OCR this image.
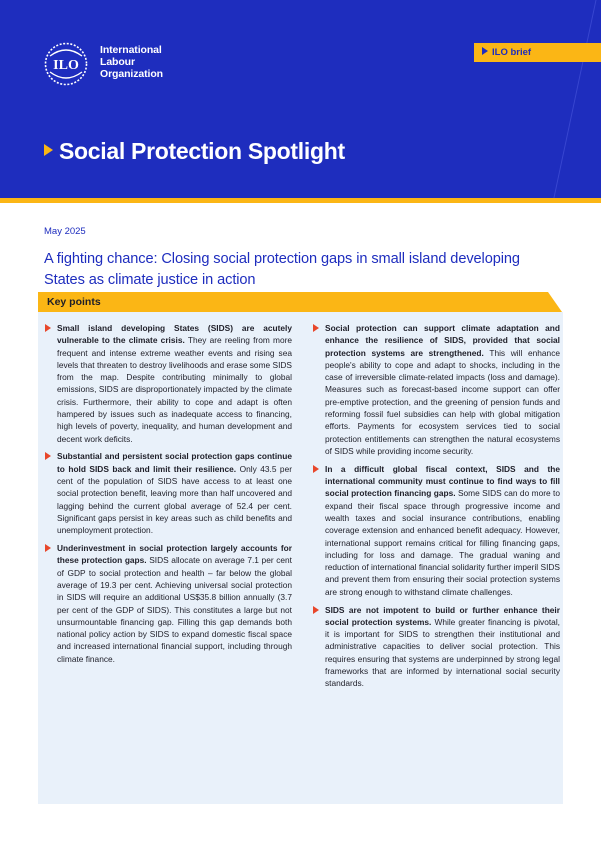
ILO
International
Labour
Organization
ILO brief
Social Protection Spotlight
May 2025
A fighting chance: Closing social protection gaps in small island developing States as climate justice in action
Key points
Small island developing States (SIDS) are acutely vulnerable to the climate crisis. They are reeling from more frequent and intense extreme weather events and rising sea levels that threaten to destroy livelihoods and erase some SIDS from the map. Despite contributing minimally to global emissions, SIDS are disproportionately impacted by the climate crisis. Furthermore, their ability to cope and adapt is often hampered by issues such as inadequate access to financing, high levels of poverty, inequality, and human development and decent work deficits.
Substantial and persistent social protection gaps continue to hold SIDS back and limit their resilience. Only 43.5 per cent of the population of SIDS have access to at least one social protection benefit, leaving more than half uncovered and lagging behind the current global average of 52.4 per cent. Significant gaps persist in key areas such as child benefits and unemployment protection.
Underinvestment in social protection largely accounts for these protection gaps. SIDS allocate on average 7.1 per cent of GDP to social protection and health – far below the global average of 19.3 per cent. Achieving universal social protection in SIDS will require an additional US$35.8 billion annually (3.7 per cent of the GDP of SIDS). This constitutes a large but not unsurmountable financing gap. Filling this gap demands both national policy action by SIDS to expand domestic fiscal space and increased international financial support, including through climate finance.
Social protection can support climate adaptation and enhance the resilience of SIDS, provided that social protection systems are strengthened. This will enhance people's ability to cope and adapt to shocks, including in the case of irreversible climate-related impacts (loss and damage). Measures such as forecast-based income support can offer pre-emptive protection, and the greening of pension funds and reforming fossil fuel subsidies can help with global mitigation efforts. Payments for ecosystem services tied to social protection entitlements can strengthen the natural ecosystems of SIDS while providing income security.
In a difficult global fiscal context, SIDS and the international community must continue to find ways to fill social protection financing gaps. Some SIDS can do more to expand their fiscal space through progressive income and wealth taxes and social insurance contributions, enabling coverage extension and enhanced benefit adequacy. However, international support remains critical for filling financing gaps, including for loss and damage. The gradual waning and reduction of international financial solidarity further imperil SIDS and prevent them from ensuring their social protection systems are strong enough to withstand climate challenges.
SIDS are not impotent to build or further enhance their social protection systems. While greater financing is pivotal, it is important for SIDS to strengthen their institutional and administrative capacities to deliver social protection. This requires ensuring that systems are underpinned by strong legal frameworks that are informed by international social security standards.
